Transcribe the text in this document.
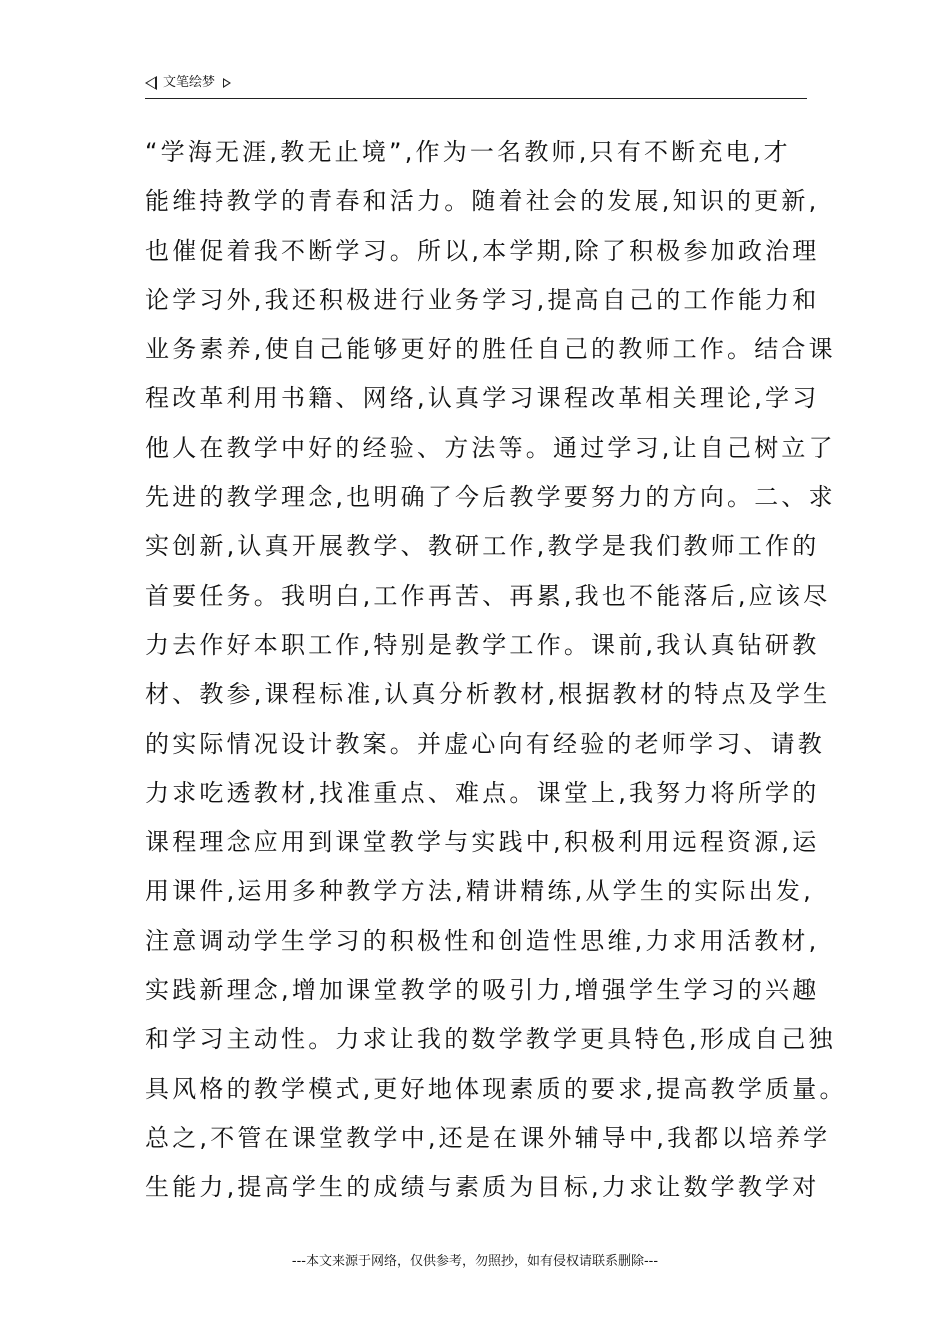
文笔绘梦
“学海无涯,教无止境”,作为一名教师,只有不断充电,才
能维持教学的青春和活力。随着社会的发展,知识的更新,
也催促着我不断学习。所以,本学期,除了积极参加政治理
论学习外,我还积极进行业务学习,提高自己的工作能力和
业务素养,使自己能够更好的胜任自己的教师工作。结合课
程改革利用书籍、网络,认真学习课程改革相关理论,学习
他人在教学中好的经验、方法等。通过学习,让自己树立了
先进的教学理念,也明确了今后教学要努力的方向。二、求
实创新,认真开展教学、教研工作,教学是我们教师工作的
首要任务。我明白,工作再苦、再累,我也不能落后,应该尽
力去作好本职工作,特别是教学工作。课前,我认真钻研教
材、教参,课程标准,认真分析教材,根据教材的特点及学生
的实际情况设计教案。并虚心向有经验的老师学习、请教
力求吃透教材,找准重点、难点。课堂上,我努力将所学的
课程理念应用到课堂教学与实践中,积极利用远程资源,运
用课件,运用多种教学方法,精讲精练,从学生的实际出发,
注意调动学生学习的积极性和创造性思维,力求用活教材,
实践新理念,增加课堂教学的吸引力,增强学生学习的兴趣
和学习主动性。力求让我的数学教学更具特色,形成自己独
具风格的教学模式,更好地体现素质的要求,提高教学质量。
总之,不管在课堂教学中,还是在课外辅导中,我都以培养学
生能力,提高学生的成绩与素质为目标,力求让数学教学对
---本文来源于网络，仅供参考，勿照抄，如有侵权请联系删除---
